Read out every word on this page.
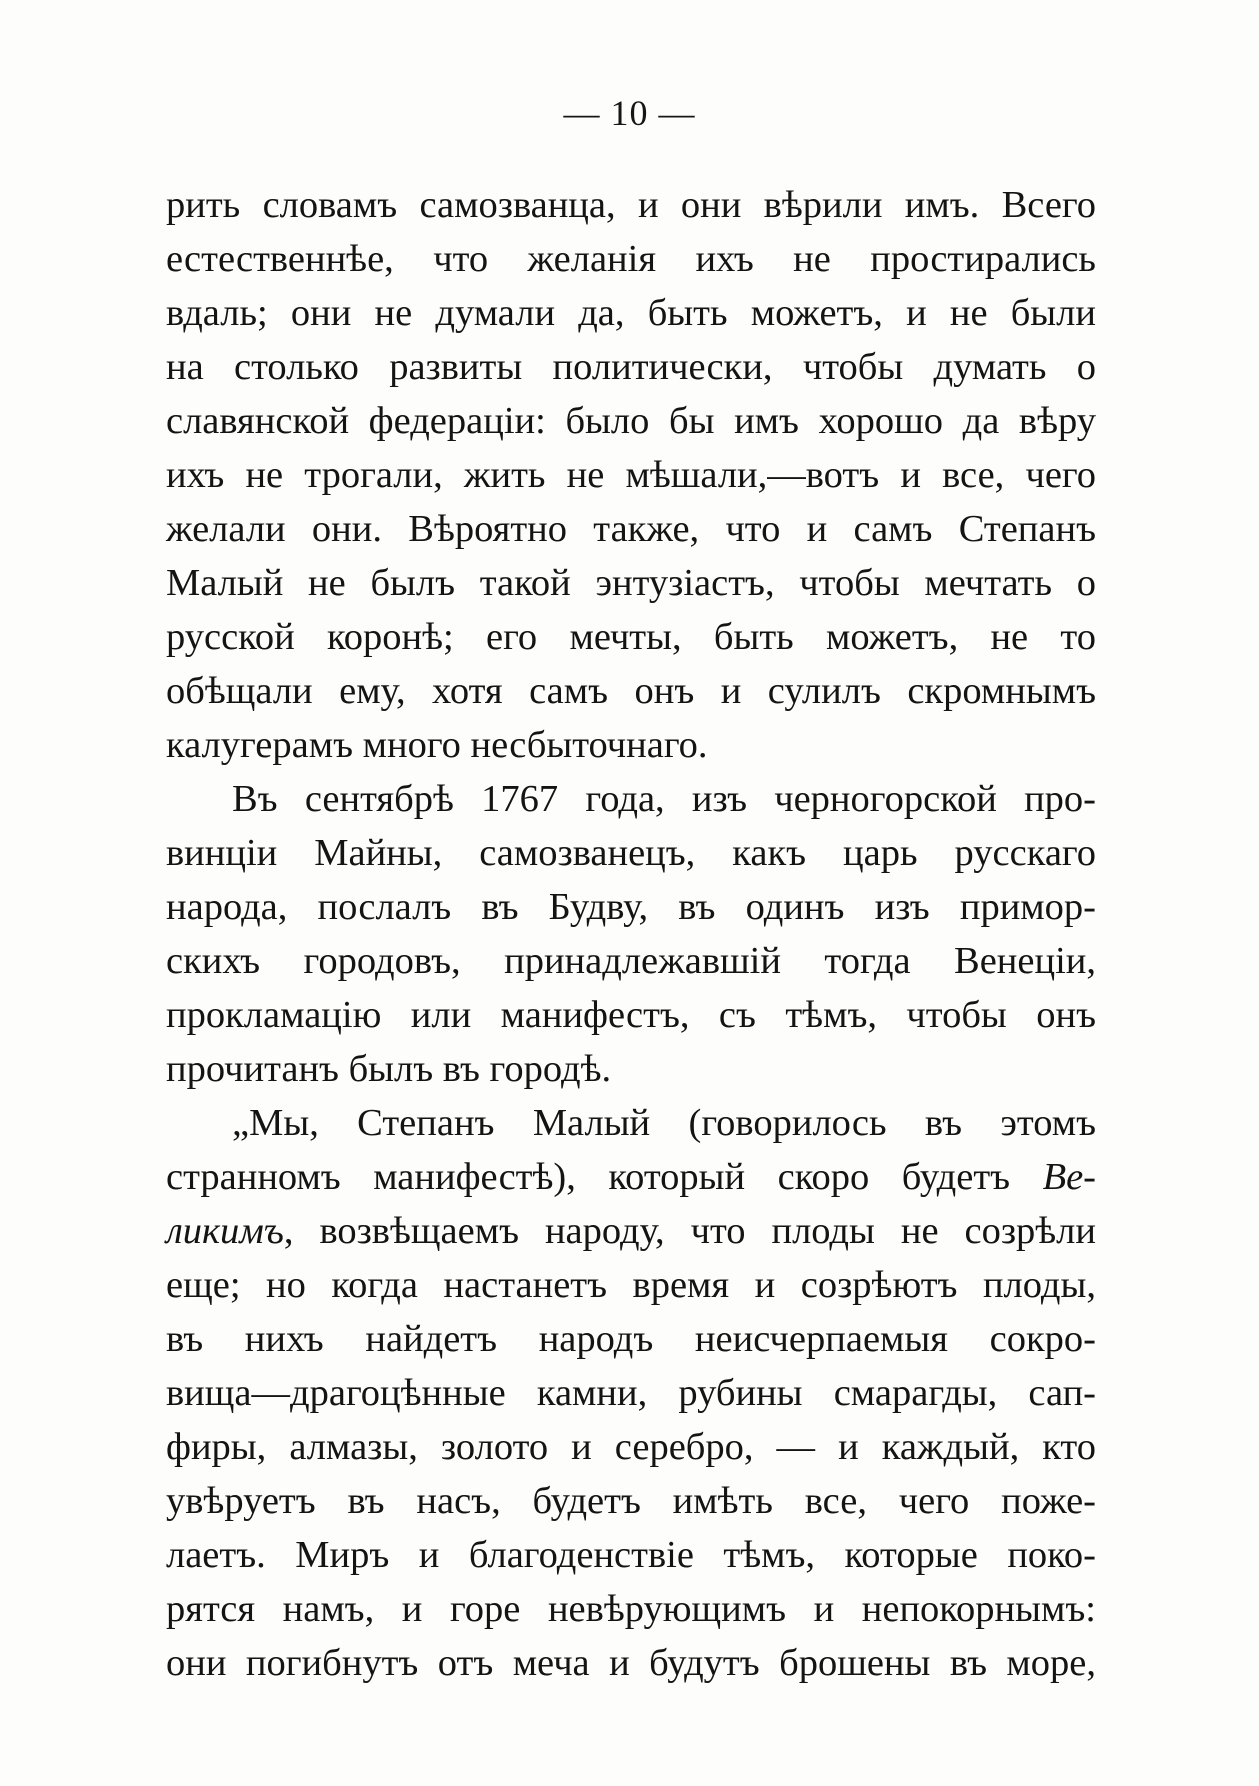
— 10 —
рить словамъ самозванца, и они вѣрили имъ. Всего
естественнѣе, что желанія ихъ не простирались
вдаль; они не думали да, быть можетъ, и не были
на столько развиты политически, чтобы думать о
славянской федераціи: было бы имъ хорошо да вѣру
ихъ не трогали, жить не мѣшали,—вотъ и все, чего
желали они. Вѣроятно также, что и самъ Степанъ
Малый не былъ такой энтузіастъ, чтобы мечтать о
русской коронѣ; его мечты, быть можетъ, не то
обѣщали ему, хотя самъ онъ и сулилъ скромнымъ
калугерамъ много несбыточнаго.
Въ сентябрѣ 1767 года, изъ черногорской про-
винціи Майны, самозванецъ, какъ царь русскаго
народа, послалъ въ Будву, въ одинъ изъ примор-
скихъ городовъ, принадлежавшій тогда Венеціи,
прокламацію или манифестъ, съ тѣмъ, чтобы онъ
прочитанъ былъ въ городѣ.
„Мы, Степанъ Малый (говорилось въ этомъ
странномъ манифестѣ), который скоро будетъ Ве-
ликимъ, возвѣщаемъ народу, что плоды не созрѣли
еще; но когда настанетъ время и созрѣютъ плоды,
въ нихъ найдетъ народъ неисчерпаемыя сокро-
вища—драгоцѣнные камни, рубины смарагды, сап-
фиры, алмазы, золото и серебро, — и каждый, кто
увѣруетъ въ насъ, будетъ имѣть все, чего поже-
лаетъ. Миръ и благоденствіе тѣмъ, которые поко-
рятся намъ, и горе невѣрующимъ и непокорнымъ:
они погибнутъ отъ меча и будутъ брошены въ море,
